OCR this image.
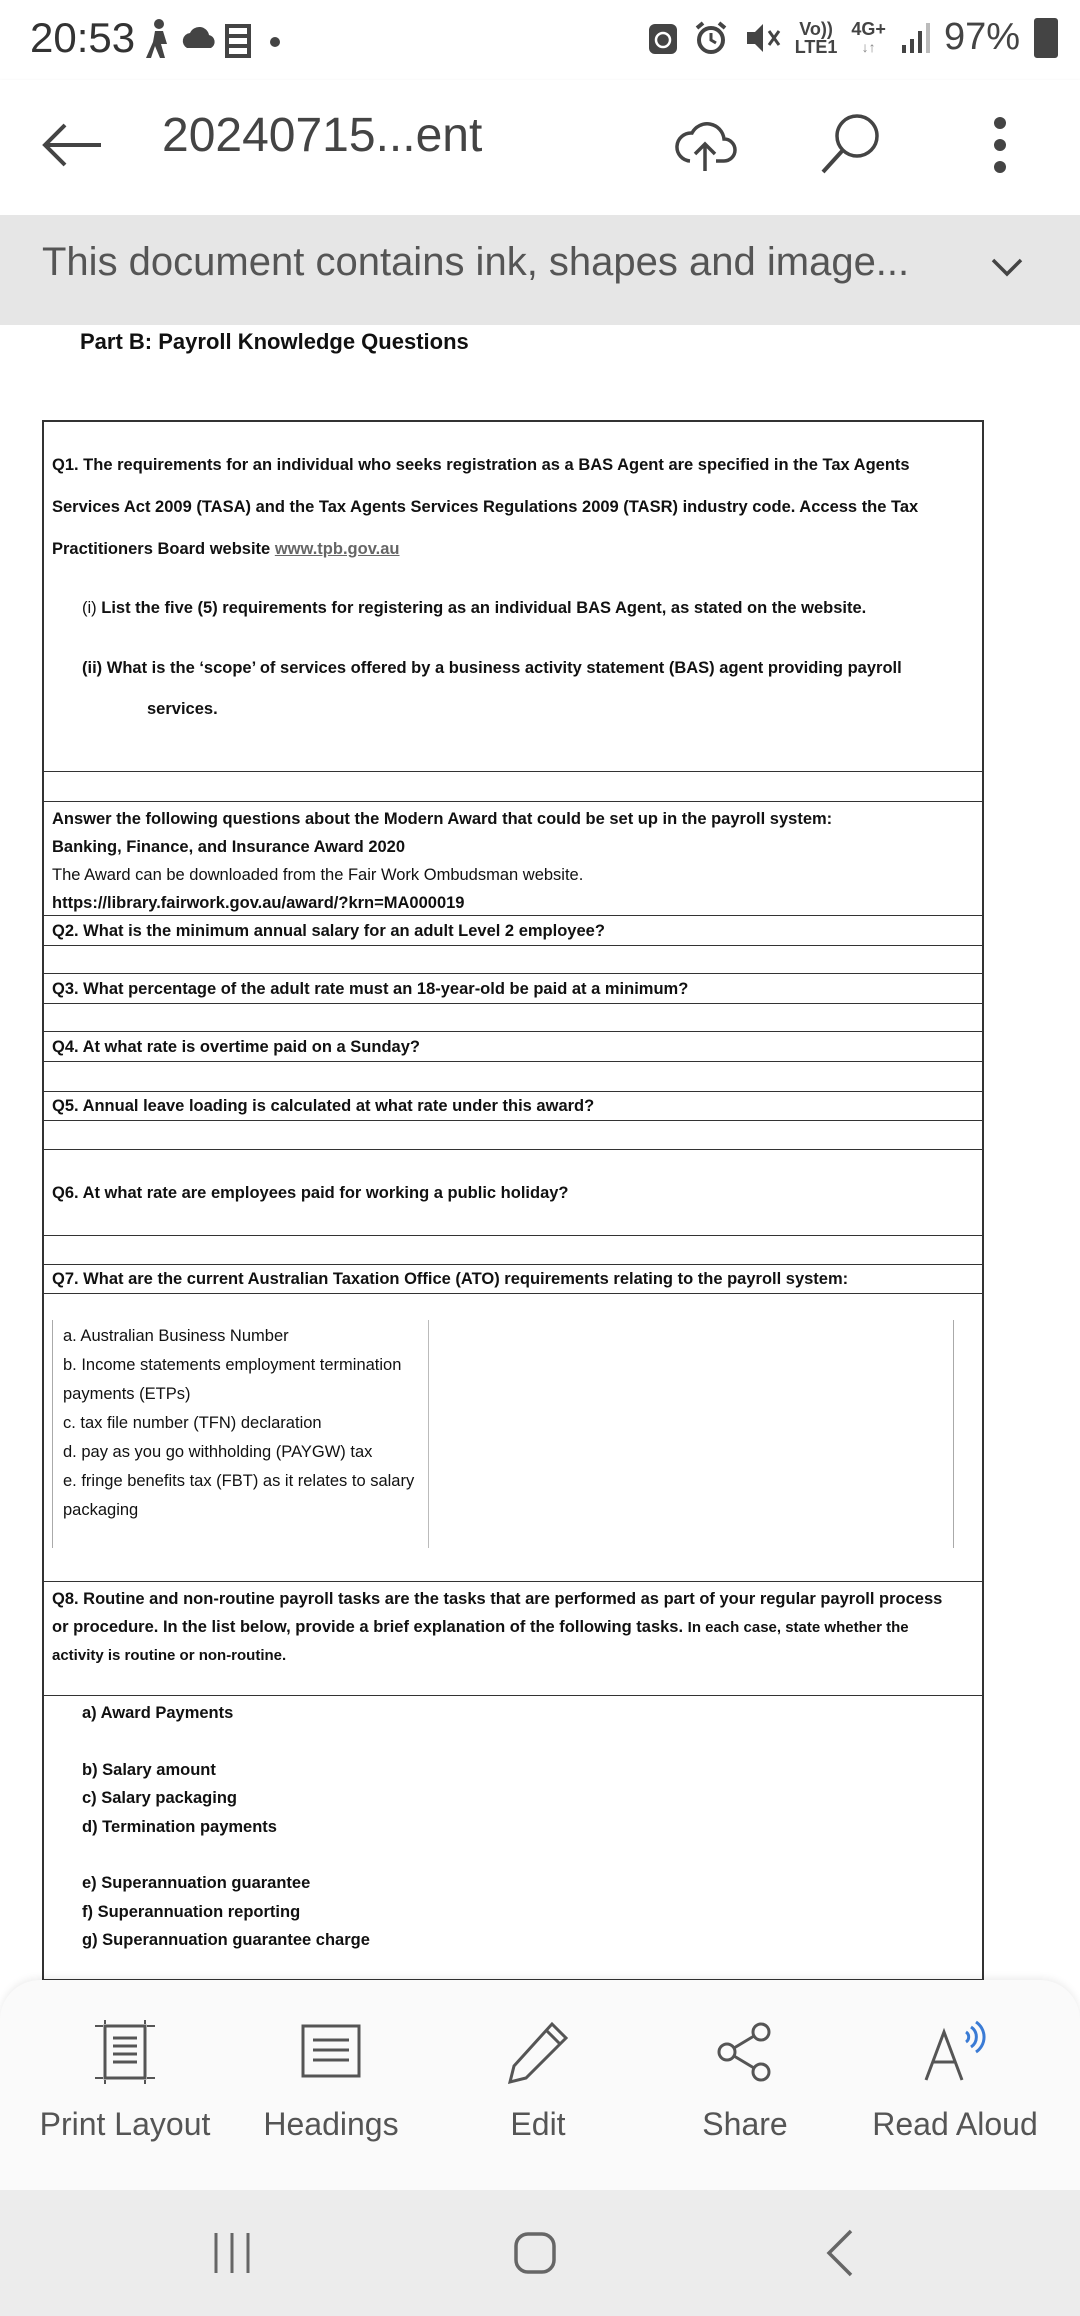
20:53	Vo))
LTE1
4G+
↓↑ 97%
20240715...ent
This document contains ink, shapes and image...
Part B: Payroll Knowledge Questions
Q1. The requirements for an individual who seeks registration as a BAS Agent are specified in the Tax Agents
Services Act 2009 (TASA) and the Tax Agents Services Regulations 2009 (TASR) industry code. Access the Tax
Practitioners Board website www.tpb.gov.au
(i) List the five (5) requirements for registering as an individual BAS Agent, as stated on the website.
(ii) What is the ‘scope’ of services offered by a business activity statement (BAS) agent providing payroll
services.
Answer the following questions about the Modern Award that could be set up in the payroll system:
Banking, Finance, and Insurance Award 2020
The Award can be downloaded from the Fair Work Ombudsman website.
https://library.fairwork.gov.au/award/?krn=MA000019
Q2. What is the minimum annual salary for an adult Level 2 employee?
Q3. What percentage of the adult rate must an 18-year-old be paid at a minimum?
Q4. At what rate is overtime paid on a Sunday?
Q5. Annual leave loading is calculated at what rate under this award?
Q6. At what rate are employees paid for working a public holiday?
Q7. What are the current Australian Taxation Office (ATO) requirements relating to the payroll system:
a. Australian Business Number
b. Income statements employment termination payments (ETPs)
c. tax file number (TFN) declaration
d. pay as you go withholding (PAYGW) tax
e. fringe benefits tax (FBT) as it relates to salary packaging
Q8. Routine and non-routine payroll tasks are the tasks that are performed as part of your regular payroll process
or procedure. In the list below, provide a brief explanation of the following tasks. In each case, state whether the
activity is routine or non-routine.
a) Award Payments
b) Salary amount
c) Salary packaging
d) Termination payments
e) Superannuation guarantee
f) Superannuation reporting
g) Superannuation guarantee charge
Print Layout	Headings	Edit	Share	Read Aloud
